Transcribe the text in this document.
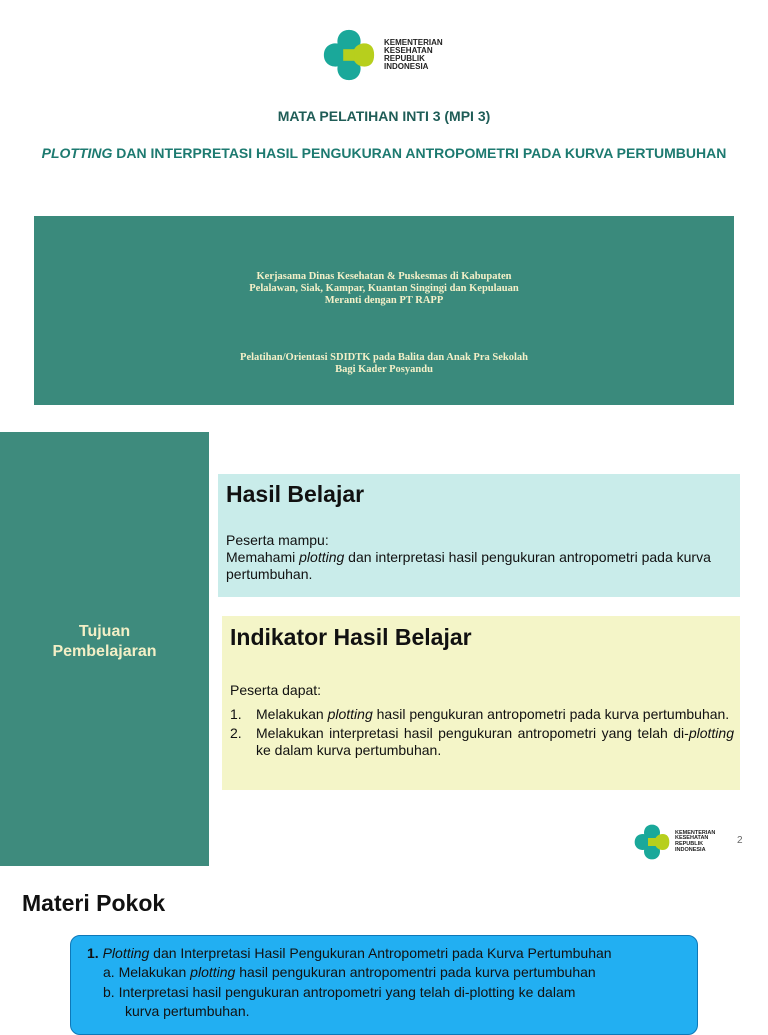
KEMENTERIAN
KESEHATAN
REPUBLIK
INDONESIA
MATA PELATIHAN INTI 3 (MPI 3)
PLOTTING DAN INTERPRETASI HASIL PENGUKURAN ANTROPOMETRI PADA KURVA PERTUMBUHAN

Kerjasama Dinas Kesehatan & Puskesmas di Kabupaten

Pelalawan, Siak, Kampar, Kuantan Singingi dan Kepulauan

Meranti dengan PT RAPP

Pelatihan/Orientasi SDIDTK pada Balita dan Anak Pra Sekolah

Bagi Kader Posyandu

Tujuan
Pembelajaran
Hasil Belajar
Peserta mampu:
Memahami plotting dan interpretasi hasil pengukuran antropometri pada kurva pertumbuhan.
Indikator Hasil Belajar
Peserta dapat:
1.	Melakukan plotting hasil pengukuran antropometri pada kurva pertumbuhan.
2.	Melakukan interpretasi hasil pengukuran antropometri yang telah di-plotting ke dalam kurva pertumbuhan.
KEMENTERIAN
KESEHATAN
REPUBLIK
INDONESIA
2
Materi Pokok
1. Plotting dan Interpretasi Hasil Pengukuran Antropometri pada Kurva Pertumbuhan
a. Melakukan plotting hasil pengukuran antropomentri pada kurva pertumbuhan
b. Interpretasi hasil pengukuran antropometri yang telah di-plotting ke dalam
kurva pertumbuhan.
